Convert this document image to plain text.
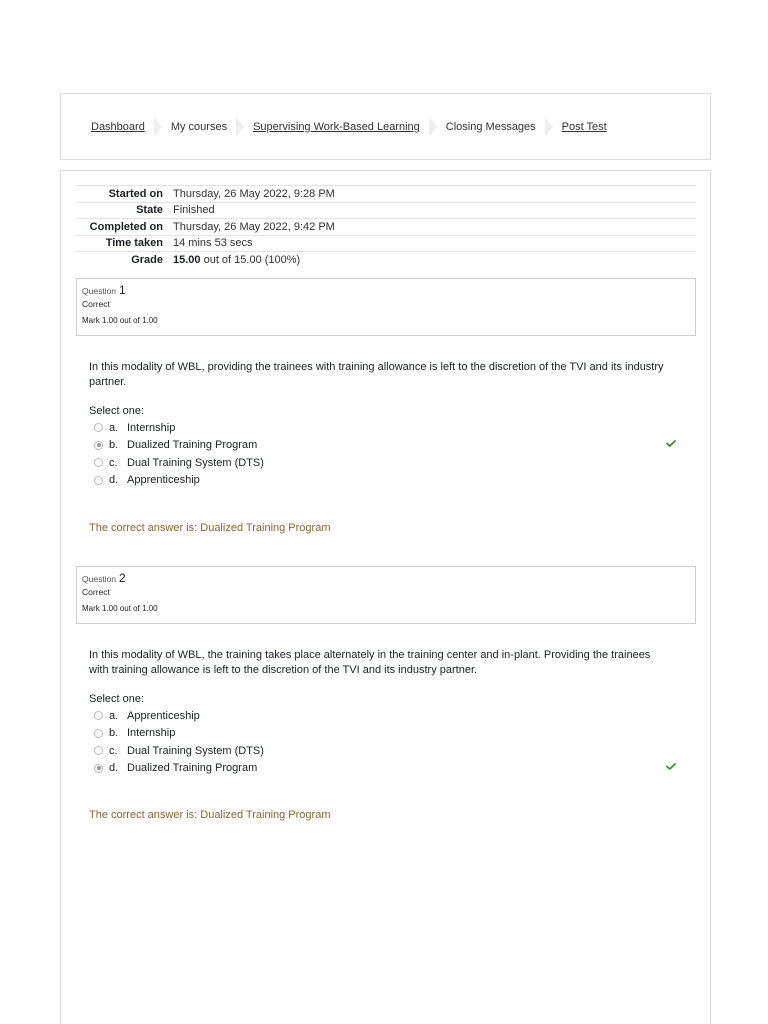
Dashboard My courses Supervising Work-Based Learning Closing Messages Post Test
Started on	Thursday, 26 May 2022, 9:28 PM
State	Finished
Completed on	Thursday, 26 May 2022, 9:42 PM
Time taken	14 mins 53 secs
Grade	15.00 out of 15.00 (100%)
Question 1
Correct
Mark 1.00 out of 1.00
In this modality of WBL, providing the trainees with training allowance is left to the discretion of the TVI and its industry partner.
Select one:
a. Internship
b. Dualized Training Program
c. Dual Training System (DTS)
d. Apprenticeship
The correct answer is: Dualized Training Program
Question 2
Correct
Mark 1.00 out of 1.00
In this modality of WBL, the training takes place alternately in the training center and in-plant. Providing the trainees with training allowance is left to the discretion of the TVI and its industry partner.
Select one:
a. Apprenticeship
b. Internship
c. Dual Training System (DTS)
d. Dualized Training Program
The correct answer is: Dualized Training Program
